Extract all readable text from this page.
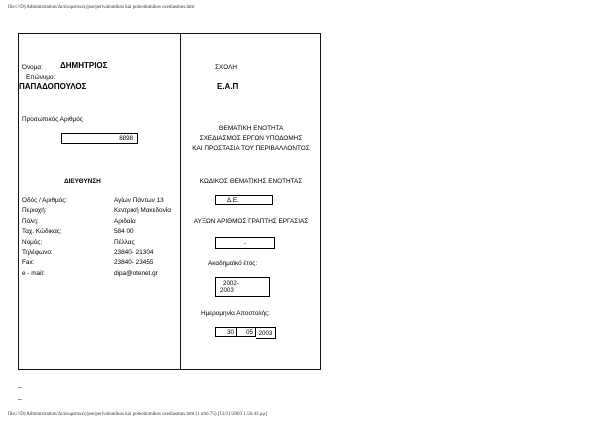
file:///D|/Administration/Διπλωματικές/pse/perivalontikos kai poleodomikos sxediasmos.htm
Όνομα: ΔΗΜΗΤΡΙΟΣ
Επώνυμο:
ΠΑΠΑΔΟΠΟΥΛΟΣ
Προσωπικός Αριθμός
8898
ΔΙΕΥΘΥΝΣΗ
Οδός / Αριθμός:	Αγίων Πάντων 13
Περιοχή:	Κεντρική Μακεδονία
Πόλη:	Αριδαία
Ταχ. Κώδικας:	584 00
Νομός:	Πέλλας
Τηλέφωνο:	23840- 21304
Fax:	23840- 23455
e - mail:	dipa@otenet.gr
ΣΧΟΛΗ
Ε.Α.Π
ΘΕΜΑΤΙΚΗ ΕΝΟΤΗΤΑ
ΣΧΕΔΙΑΣΜΟΣ ΕΡΓΩΝ ΥΠΟΔΟΜΗΣ
ΚΑΙ ΠΡΟΣΤΑΣΙΑ ΤΟΥ ΠΕΡΙΒΑΛΛΟΝΤΟΣ
ΚΩΔΙΚΟΣ ΘΕΜΑΤΙΚΗΣ ΕΝΟΤΗΤΑΣ
Δ.Ε.
ΑΥΞΩΝ ΑΡΙΘΜΟΣ ΓΡΑΠΤΗΣ ΕΡΓΑΣΙΑΣ
-
Ακαδημαϊκό έτος:
2002-
2003
Ημερομηνία Αποστολής:
30	05 2003
–
–
file:///D|/Administration/Διπλωματικές/pse/perivalontikos kai poleodomikos sxediasmos.htm (1 από 75) [13/11/2003 1:56:43 μμ]
